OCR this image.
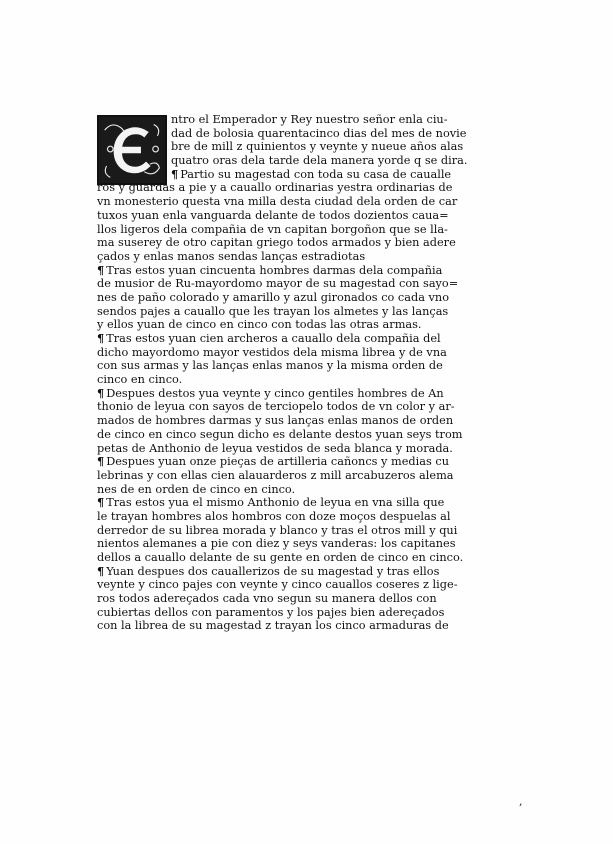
ntro el Emperador y Rey nuestro señor enla ciu-
dad de bolosia quarentacinco dias del mes de novie
bre de mill z quinientos y veynte y nueue años alas
quatro oras dela tarde dela manera yorde q se dira.
¶ Partio su magestad con toda su casa de caualle
ros y guardas a pie y a cauallo ordinarias yestra ordinarias de
vn monesterio questa vna milla desta ciudad dela orden de car
tuxos yuan enla vanguarda delante de todos dozientos caua=
llos ligeros dela compañia de vn capitan borgoñon que se lla-
ma suserey de otro capitan griego todos armados y bien adere
çados y enlas manos sendas lanças estradiotas
¶ Tras estos yuan cincuenta hombres darmas dela compañia
de musior de Ru-mayordomo mayor de su magestad con sayo=
nes de paño colorado y amarillo y azul gironados co cada vno
sendos pajes a cauallo que les trayan los almetes y las lanças
y ellos yuan de cinco en cinco con todas las otras armas.
¶ Tras estos yuan cien archeros a cauallo dela compañia del
dicho mayordomo mayor vestidos dela misma librea y de vna
con sus armas y las lanças enlas manos y la misma orden de
cinco en cinco.
¶ Despues destos yua veynte y cinco gentiles hombres de An
thonio de leyua con sayos de terciopelo todos de vn color y ar-
mados de hombres darmas y sus lanças enlas manos de orden
de cinco en cinco segun dicho es delante destos yuan seys trom
petas de Anthonio de leyua vestidos de seda blanca y morada.
¶ Despues yuan onze pieças de artilleria cañoncs y medias cu
lebrinas y con ellas cien alauarderos z mill arcabuzeros alema
nes de en orden de cinco en cinco.
¶ Tras estos yua el mismo Anthonio de leyua en vna silla que
le trayan hombres alos hombros con doze moços despuelas al
derredor de su librea morada y blanco y tras el otros mill y qui
nientos alemanes a pie con diez y seys vanderas: los capitanes
dellos a cauallo delante de su gente en orden de cinco en cinco.
¶ Yuan despues dos cauallerizos de su magestad y tras ellos
veynte y cinco pajes con veynte y cinco cauallos coseres z lige-
ros todos adereçados cada vno segun su manera dellos con
cubiertas dellos con paramentos y los pajes bien adereçados
con la librea de su magestad z trayan los cinco armaduras de
,
